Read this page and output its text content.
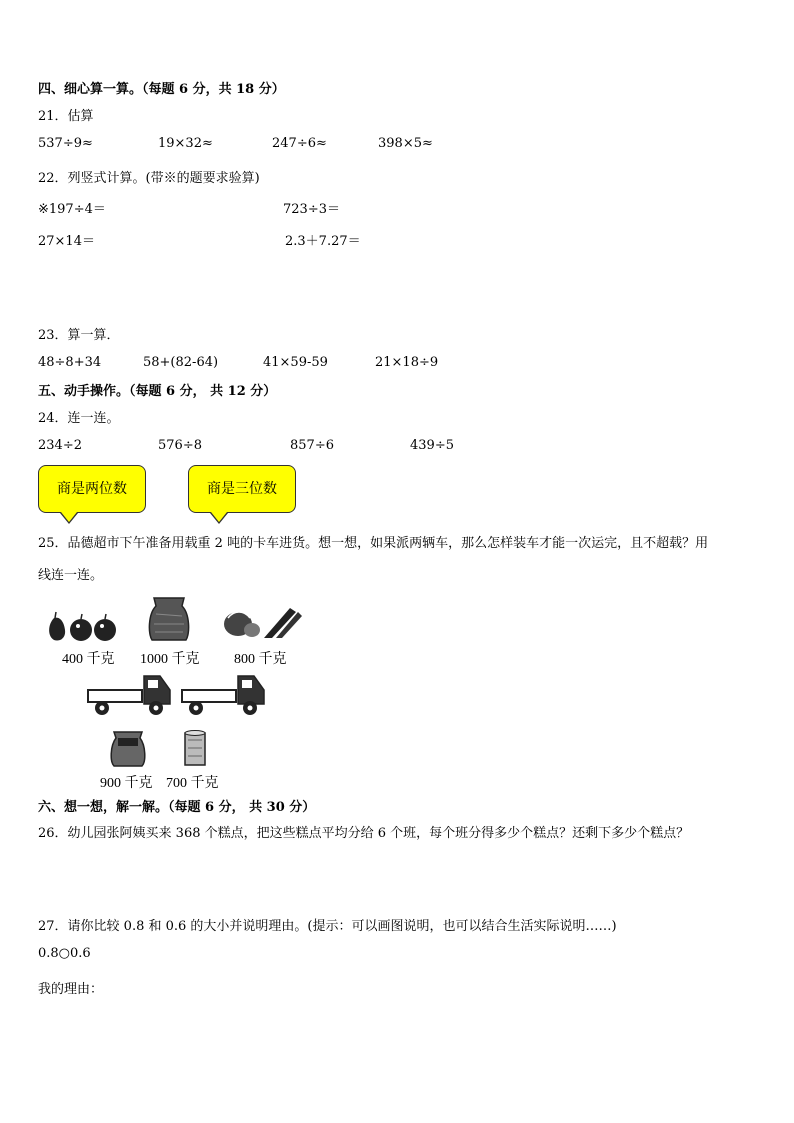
四、细心算一算。（每题 6 分，共 18 分）
21．估算
537÷9≈	19×32≈	247÷6≈	398×5≈
22．列竖式计算。(带※的题要求验算)
※197÷4＝	723÷3＝
27×14＝	2.3＋7.27＝
23．算一算．
48÷8+34	58+(82-64)	41×59-59	21×18÷9
五、动手操作。（每题 6 分， 共 12 分）
24．连一连。
234÷2	576÷8	857÷6	439÷5
商是两位数	商是三位数
25．品德超市下午准备用载重 2 吨的卡车进货。想一想，如果派两辆车，那么怎样装车才能一次运完，且不超载？用
线连一连。
400 千克 1000 千克 800 千克
900 千克 700 千克
六、想一想，解一解。（每题 6 分， 共 30 分）
26．幼儿园张阿姨买来 368 个糕点，把这些糕点平均分给 6 个班，每个班分得多少个糕点？还剩下多少个糕点？
27．请你比较 0.8 和 0.6 的大小并说明理由。(提示：可以画图说明，也可以结合生活实际说明……)
0.8○0.6
我的理由：
